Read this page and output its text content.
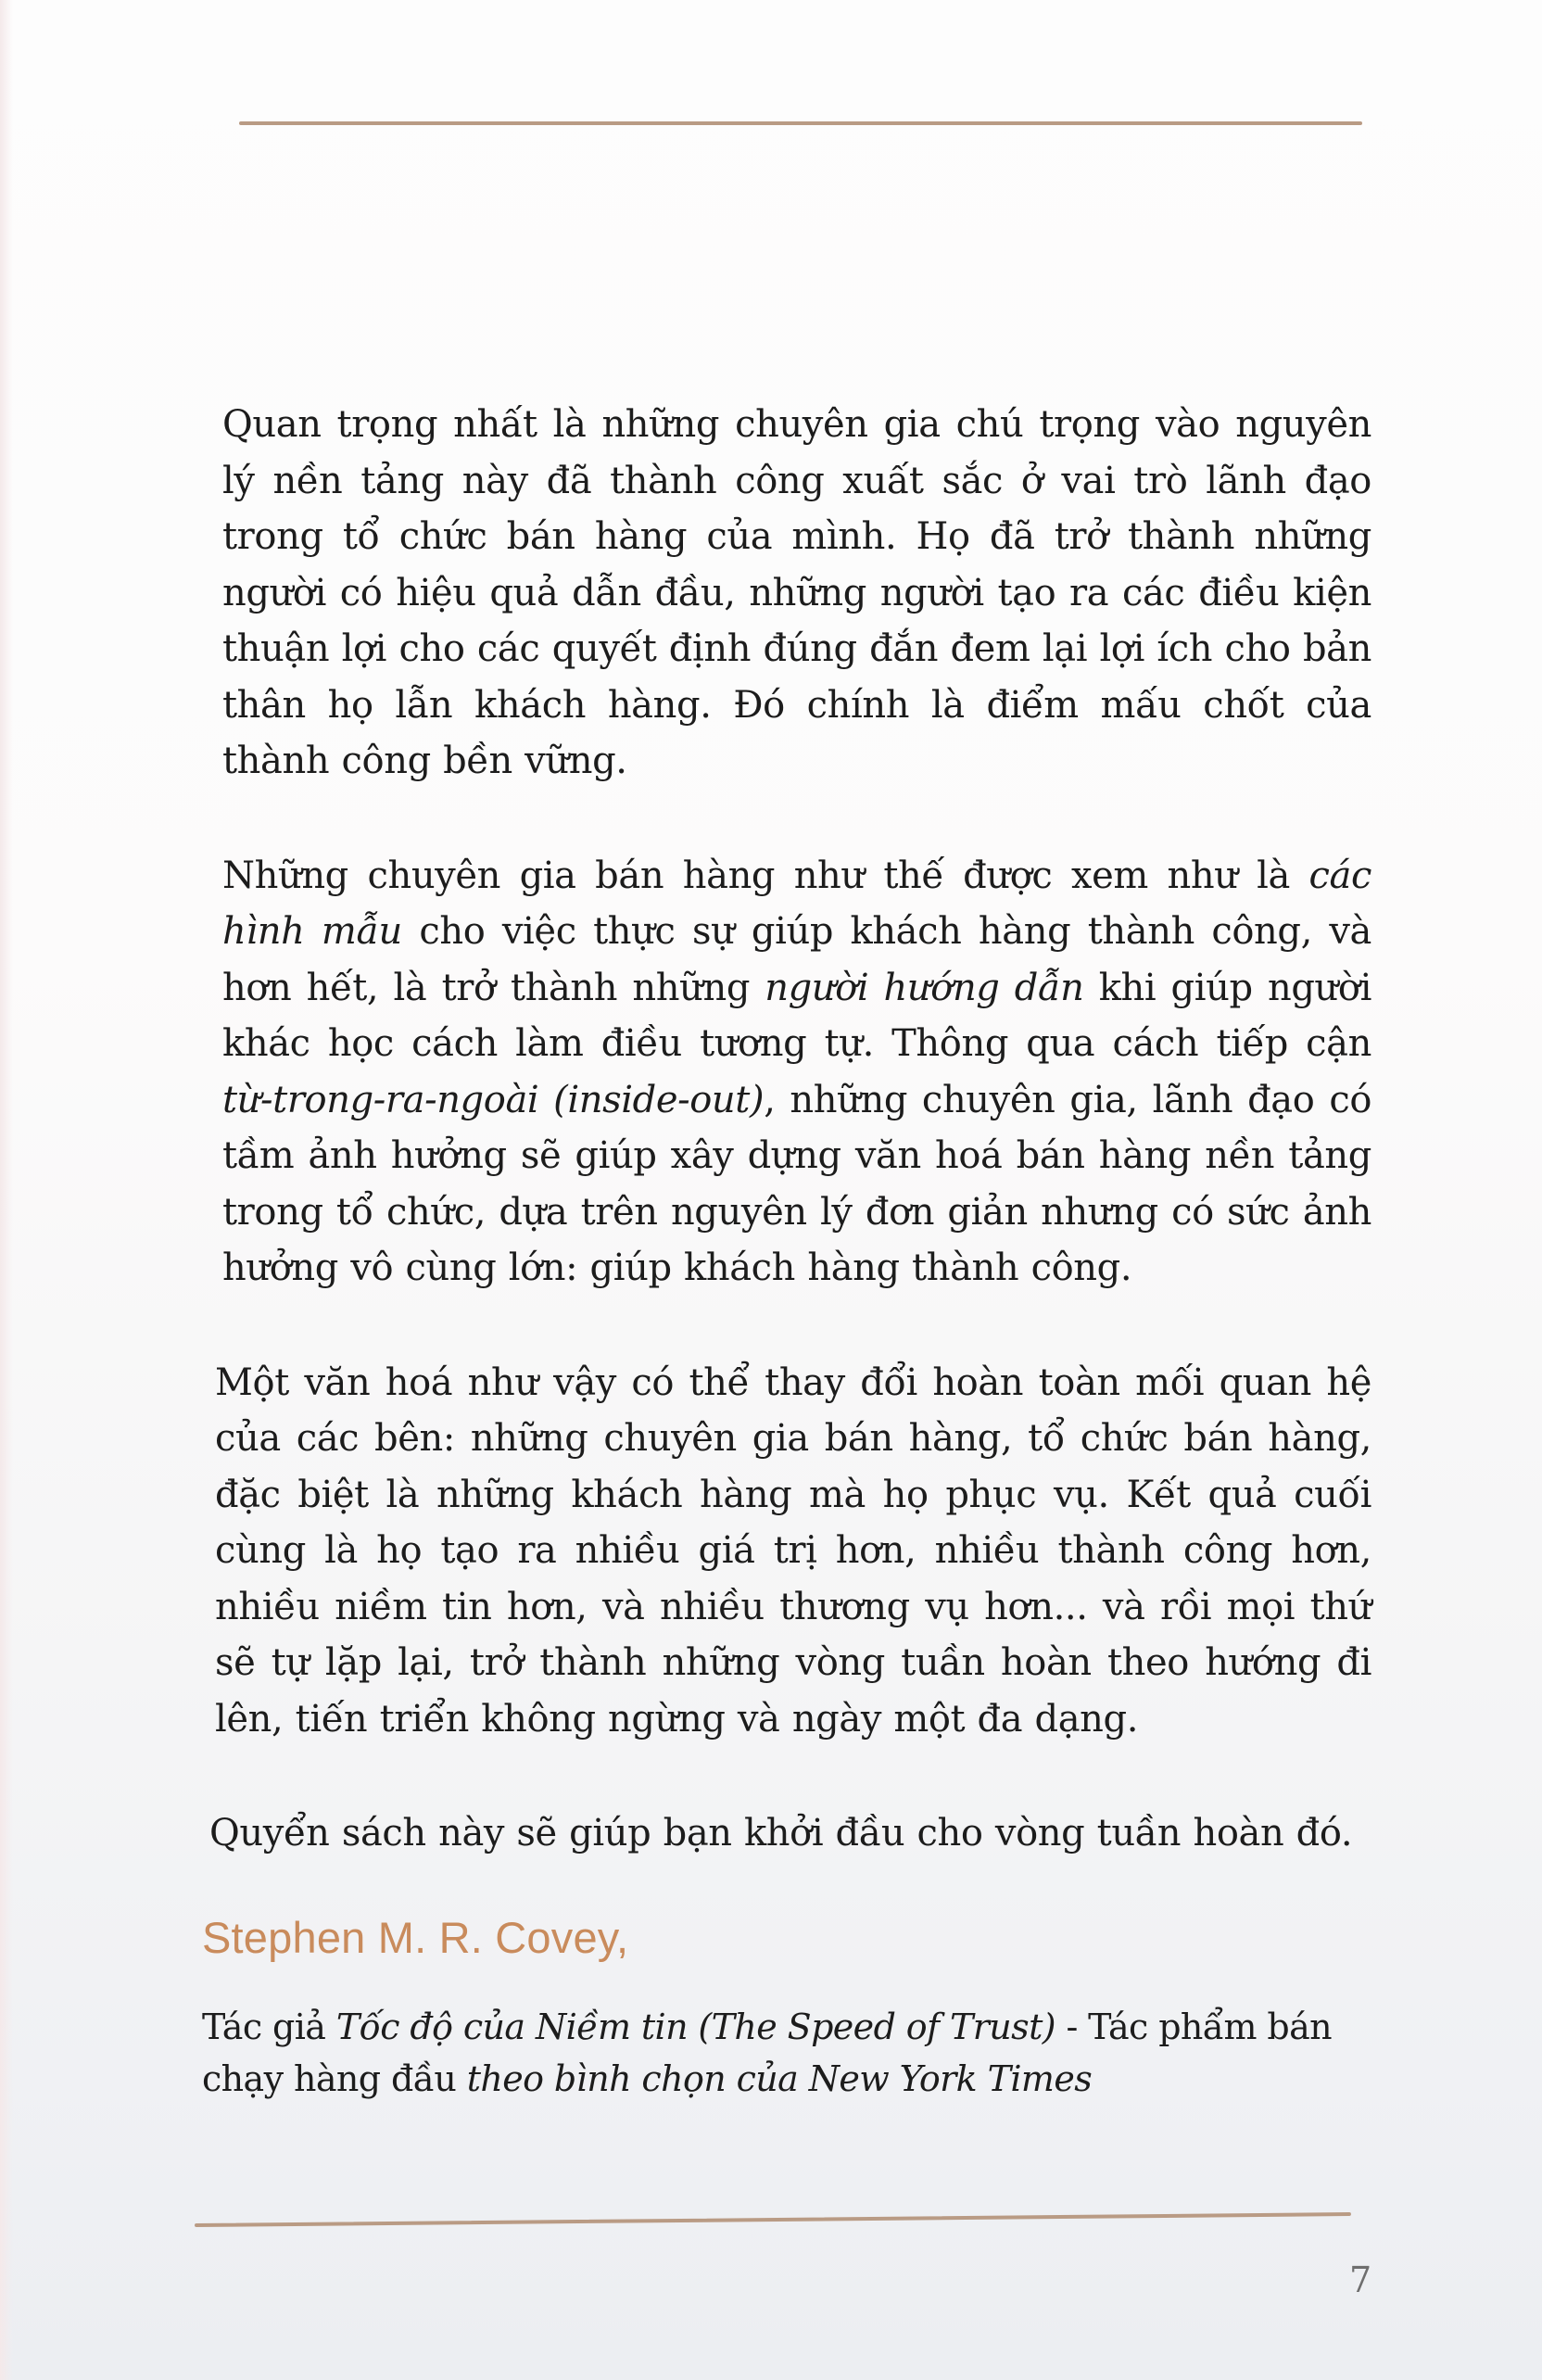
Quan trọng nhất là những chuyên gia chú trọng vào nguyên lý nền tảng này đã thành công xuất sắc ở vai trò lãnh đạo trong tổ chức bán hàng của mình. Họ đã trở thành những người có hiệu quả dẫn đầu, những người tạo ra các điều kiện thuận lợi cho các quyết định đúng đắn đem lại lợi ích cho bản thân họ lẫn khách hàng. Đó chính là điểm mấu chốt của thành công bền vững.

Những chuyên gia bán hàng như thế được xem như là các hình mẫu cho việc thực sự giúp khách hàng thành công, và hơn hết, là trở thành những người hướng dẫn khi giúp người khác học cách làm điều tương tự. Thông qua cách tiếp cận từ-trong-ra-ngoài (inside-out), những chuyên gia, lãnh đạo có tầm ảnh hưởng sẽ giúp xây dựng văn hoá bán hàng nền tảng trong tổ chức, dựa trên nguyên lý đơn giản nhưng có sức ảnh hưởng vô cùng lớn: giúp khách hàng thành công.

Một văn hoá như vậy có thể thay đổi hoàn toàn mối quan hệ của các bên: những chuyên gia bán hàng, tổ chức bán hàng, đặc biệt là những khách hàng mà họ phục vụ. Kết quả cuối cùng là họ tạo ra nhiều giá trị hơn, nhiều thành công hơn, nhiều niềm tin hơn, và nhiều thương vụ hơn... và rồi mọi thứ sẽ tự lặp lại, trở thành những vòng tuần hoàn theo hướng đi lên, tiến triển không ngừng và ngày một đa dạng.

Quyển sách này sẽ giúp bạn khởi đầu cho vòng tuần hoàn đó.

Stephen M. R. Covey,

Tác giả Tốc độ của Niềm tin (The Speed of Trust) - Tác phẩm bán chạy hàng đầu theo bình chọn của New York Times

7
